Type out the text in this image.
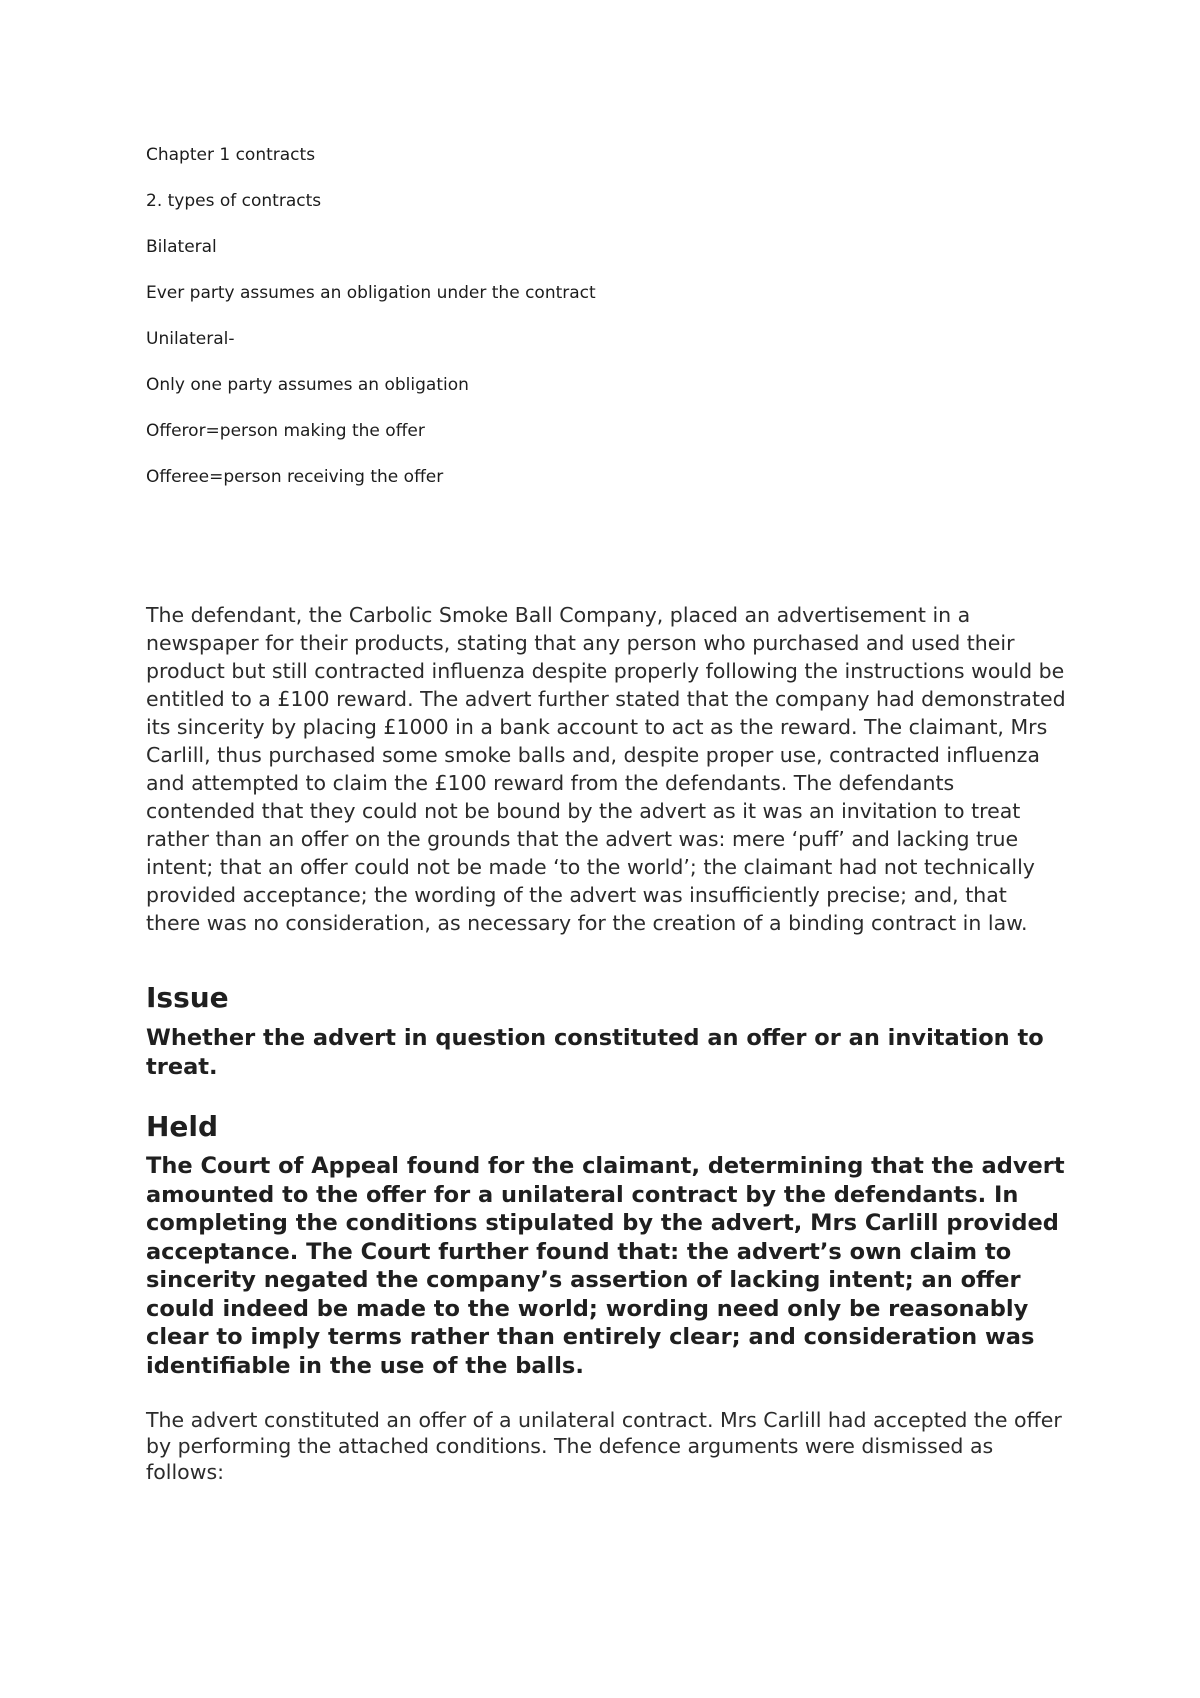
Chapter 1 contracts
2. types of contracts
Bilateral
Ever party assumes an obligation under the contract
Unilateral-
Only one party assumes an obligation
Offeror=person making the offer
Offeree=person receiving the offer

The defendant, the Carbolic Smoke Ball Company, placed an advertisement in a newspaper for their products, stating that any person who purchased and used their product but still contracted influenza despite properly following the instructions would be entitled to a £100 reward. The advert further stated that the company had demonstrated its sincerity by placing £1000 in a bank account to act as the reward. The claimant, Mrs Carlill, thus purchased some smoke balls and, despite proper use, contracted influenza and attempted to claim the £100 reward from the defendants. The defendants contended that they could not be bound by the advert as it was an invitation to treat rather than an offer on the grounds that the advert was: mere ‘puff’ and lacking true intent; that an offer could not be made ‘to the world’; the claimant had not technically provided acceptance; the wording of the advert was insufficiently precise; and, that there was no consideration, as necessary for the creation of a binding contract in law.

Issue

Whether the advert in question constituted an offer or an invitation to treat.

Held

The Court of Appeal found for the claimant, determining that the advert amounted to the offer for a unilateral contract by the defendants. In completing the conditions stipulated by the advert, Mrs Carlill provided acceptance. The Court further found that: the advert’s own claim to sincerity negated the company’s assertion of lacking intent; an offer could indeed be made to the world; wording need only be reasonably clear to imply terms rather than entirely clear; and consideration was identifiable in the use of the balls.

The advert constituted an offer of a unilateral contract. Mrs Carlill had accepted the offer by performing the attached conditions. The defence arguments were dismissed as follows:
